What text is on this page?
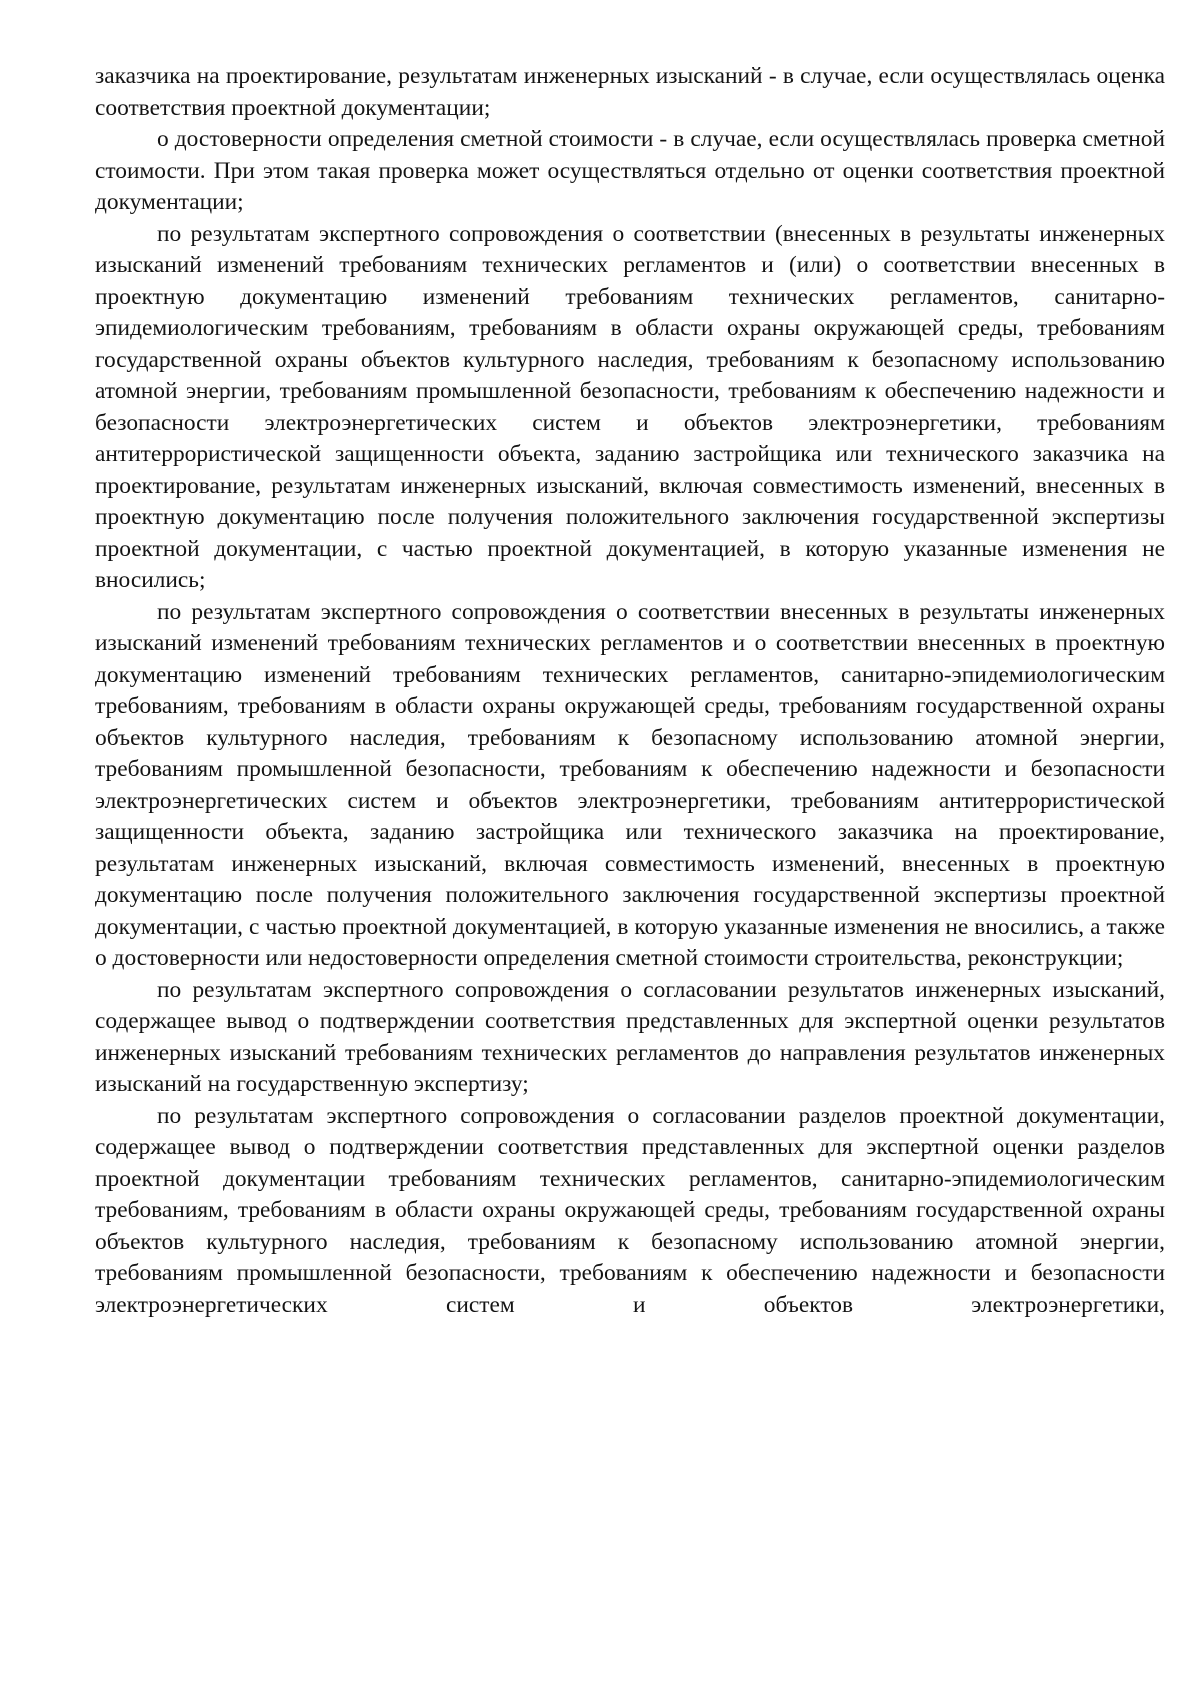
заказчика на проектирование, результатам инженерных изысканий - в случае, если осуществлялась оценка соответствия проектной документации;

о достоверности определения сметной стоимости - в случае, если осуществлялась проверка сметной стоимости. При этом такая проверка может осуществляться отдельно от оценки соответствия проектной документации;

по результатам экспертного сопровождения о соответствии (внесенных в результаты инженерных изысканий изменений требованиям технических регламентов и (или) о соответствии внесенных в проектную документацию изменений требованиям технических регламентов, санитарно-эпидемиологическим требованиям, требованиям в области охраны окружающей среды, требованиям государственной охраны объектов культурного наследия, требованиям к безопасному использованию атомной энергии, требованиям промышленной безопасности, требованиям к обеспечению надежности и безопасности электроэнергетических систем и объектов электроэнергетики, требованиям антитеррористической защищенности объекта, заданию застройщика или технического заказчика на проектирование, результатам инженерных изысканий, включая совместимость изменений, внесенных в проектную документацию после получения положительного заключения государственной экспертизы проектной документации, с частью проектной документацией, в которую указанные изменения не вносились;

по результатам экспертного сопровождения о соответствии внесенных в результаты инженерных изысканий изменений требованиям технических регламентов и о соответствии внесенных в проектную документацию изменений требованиям технических регламентов, санитарно-эпидемиологическим требованиям, требованиям в области охраны окружающей среды, требованиям государственной охраны объектов культурного наследия, требованиям к безопасному использованию атомной энергии, требованиям промышленной безопасности, требованиям к обеспечению надежности и безопасности электроэнергетических систем и объектов электроэнергетики, требованиям антитеррористической защищенности объекта, заданию застройщика или технического заказчика на проектирование, результатам инженерных изысканий, включая совместимость изменений, внесенных в проектную документацию после получения положительного заключения государственной экспертизы проектной документации, с частью проектной документацией, в которую указанные изменения не вносились, а также о достоверности или недостоверности определения сметной стоимости строительства, реконструкции;

по результатам экспертного сопровождения о согласовании результатов инженерных изысканий, содержащее вывод о подтверждении соответствия представленных для экспертной оценки результатов инженерных изысканий требованиям технических регламентов до направления результатов инженерных изысканий на государственную экспертизу;

по результатам экспертного сопровождения о согласовании разделов проектной документации, содержащее вывод о подтверждении соответствия представленных для экспертной оценки разделов проектной документации требованиям технических регламентов, санитарно-эпидемиологическим требованиям, требованиям в области охраны окружающей среды, требованиям государственной охраны объектов культурного наследия, требованиям к безопасному использованию атомной энергии, требованиям промышленной безопасности, требованиям к обеспечению надежности и безопасности электроэнергетических систем и объектов электроэнергетики,
